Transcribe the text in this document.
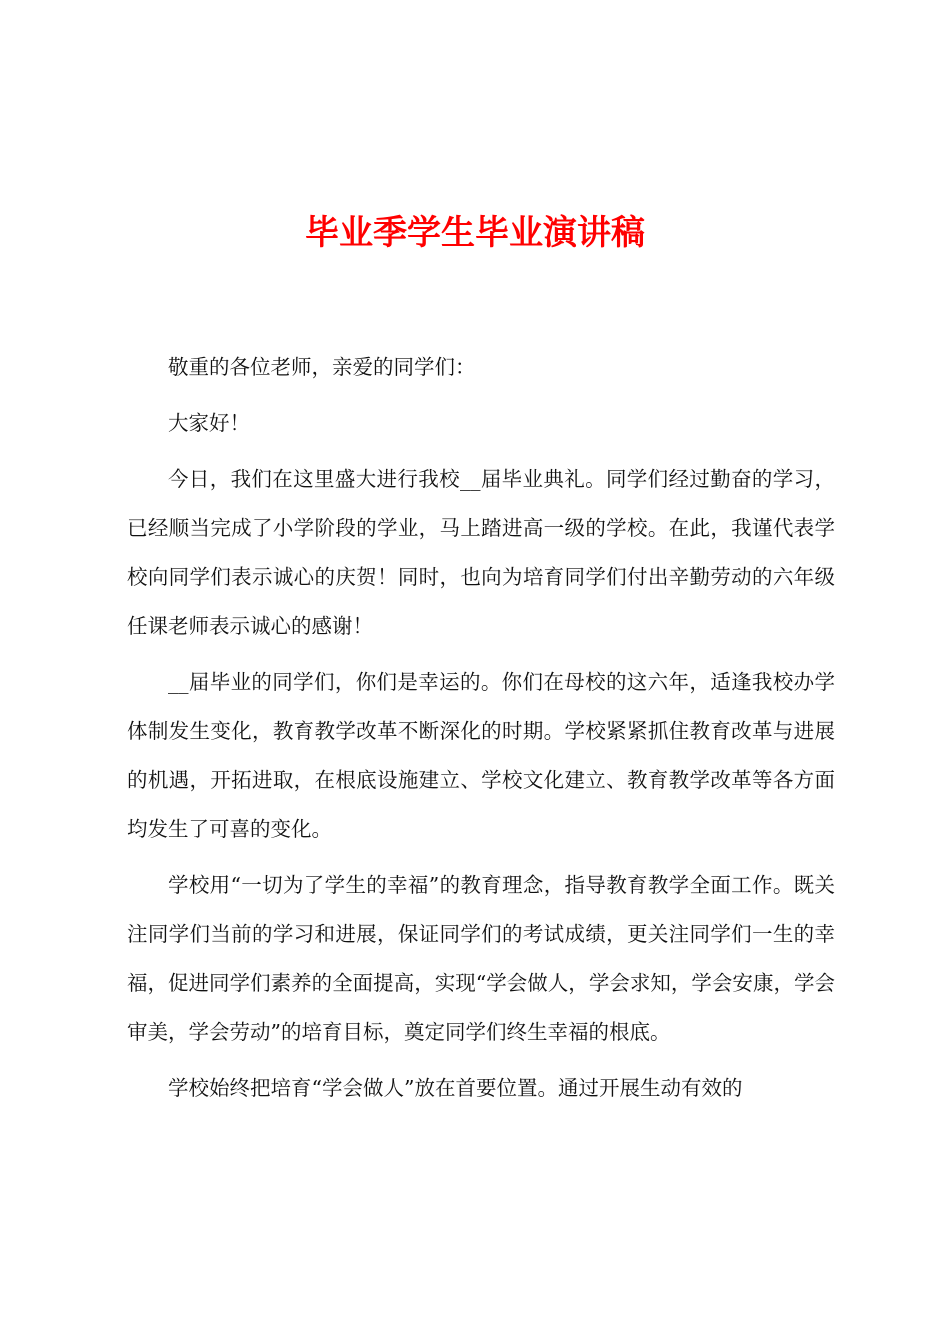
毕业季学生毕业演讲稿

敬重的各位老师，亲爱的同学们：

大家好！

今日，我们在这里盛大进行我校__届毕业典礼。同学们经过勤奋的学习，已经顺当完成了小学阶段的学业，马上踏进高一级的学校。在此，我谨代表学校向同学们表示诚心的庆贺！同时，也向为培育同学们付出辛勤劳动的六年级任课老师表示诚心的感谢！

__届毕业的同学们，你们是幸运的。你们在母校的这六年，适逢我校办学体制发生变化，教育教学改革不断深化的时期。学校紧紧抓住教育改革与进展的机遇，开拓进取，在根底设施建立、学校文化建立、教育教学改革等各方面均发生了可喜的变化。

学校用“一切为了学生的幸福”的教育理念，指导教育教学全面工作。既关注同学们当前的学习和进展，保证同学们的考试成绩，更关注同学们一生的幸福，促进同学们素养的全面提高，实现“学会做人，学会求知，学会安康，学会审美，学会劳动”的培育目标，奠定同学们终生幸福的根底。

学校始终把培育“学会做人”放在首要位置。通过开展生动有效的
